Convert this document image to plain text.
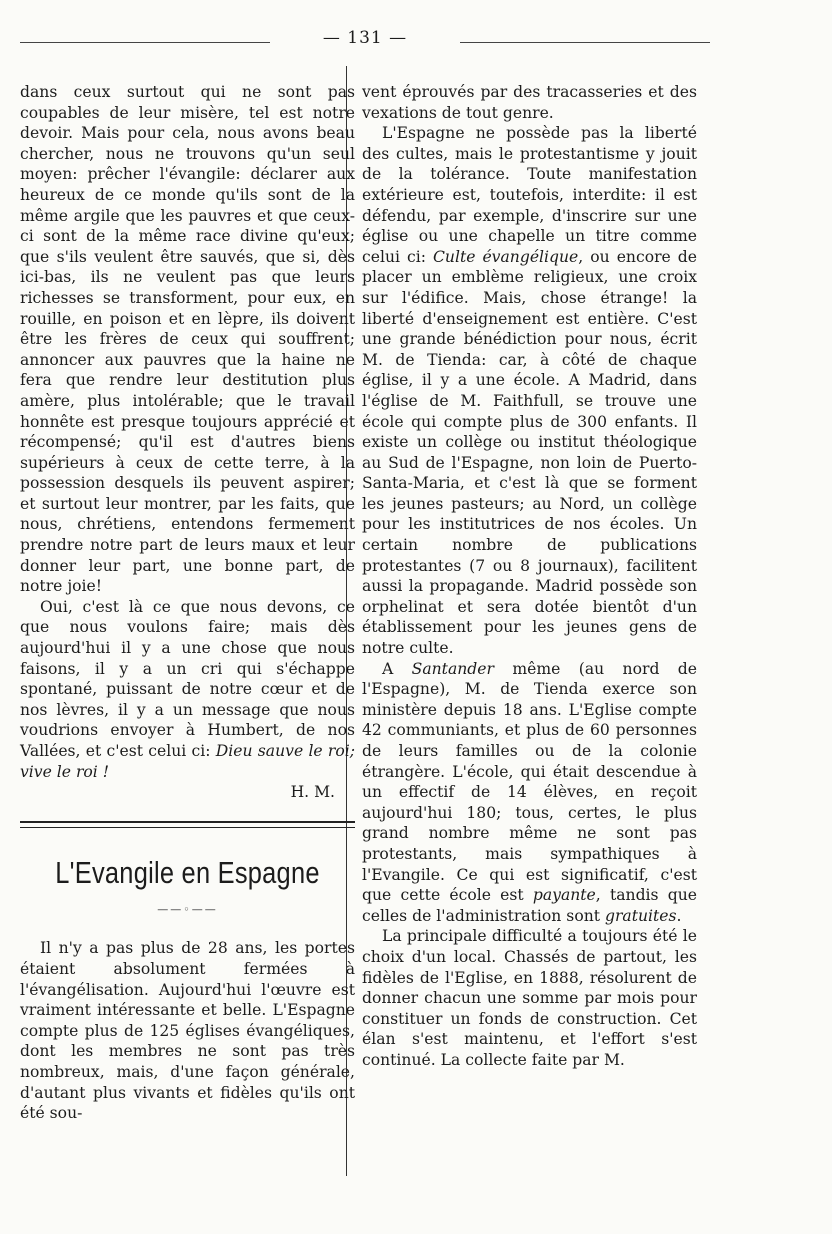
— 131 —

dans ceux surtout qui ne sont pas coupables de leur misère, tel est notre devoir. Mais pour cela, nous avons beau chercher, nous ne trouvons qu'un seul moyen: prêcher l'évangile: déclarer aux heureux de ce monde qu'ils sont de la même argile que les pauvres et que ceux-ci sont de la même race divine qu'eux; que s'ils veulent être sauvés, que si, dès ici-bas, ils ne veulent pas que leurs richesses se transforment, pour eux, en rouille, en poison et en lèpre, ils doivent être les frères de ceux qui souffrent; annoncer aux pauvres que la haine ne fera que rendre leur destitution plus amère, plus intolérable; que le travail honnête est presque toujours apprécié et récompensé; qu'il est d'autres biens supérieurs à ceux de cette terre, à la possession desquels ils peuvent aspirer; et surtout leur montrer, par les faits, que nous, chrétiens, entendons fermement prendre notre part de leurs maux et leur donner leur part, une bonne part, de notre joie!

Oui, c'est là ce que nous devons, ce que nous voulons faire; mais dès aujourd'hui il y a une chose que nous faisons, il y a un cri qui s'échappe spontané, puissant de notre cœur et de nos lèvres, il y a un message que nous voudrions envoyer à Humbert, de nos Vallées, et c'est celui ci: Dieu sauve le roi; vive le roi !

H. M.

L'Evangile en Espagne
——◦——

Il n'y a pas plus de 28 ans, les portes étaient absolument fermées à l'évangélisation. Aujourd'hui l'œuvre est vraiment intéressante et belle. L'Espagne compte plus de 125 églises évangéliques, dont les membres ne sont pas très nombreux, mais, d'une façon générale, d'autant plus vivants et fidèles qu'ils ont été sou-

vent éprouvés par des tracasseries et des vexations de tout genre.

L'Espagne ne possède pas la liberté des cultes, mais le protestantisme y jouit de la tolérance. Toute manifestation extérieure est, toutefois, interdite: il est défendu, par exemple, d'inscrire sur une église ou une chapelle un titre comme celui ci: Culte évangélique, ou encore de placer un emblème religieux, une croix sur l'édifice. Mais, chose étrange! la liberté d'enseignement est entière. C'est une grande bénédiction pour nous, écrit M. de Tienda: car, à côté de chaque église, il y a une école. A Madrid, dans l'église de M. Faithfull, se trouve une école qui compte plus de 300 enfants. Il existe un collège ou institut théologique au Sud de l'Espagne, non loin de Puerto-Santa-Maria, et c'est là que se forment les jeunes pasteurs; au Nord, un collège pour les institutrices de nos écoles. Un certain nombre de publications protestantes (7 ou 8 journaux), facilitent aussi la propagande. Madrid possède son orphelinat et sera dotée bientôt d'un établissement pour les jeunes gens de notre culte.

A Santander même (au nord de l'Espagne), M. de Tienda exerce son ministère depuis 18 ans. L'Eglise compte 42 communiants, et plus de 60 personnes de leurs familles ou de la colonie étrangère. L'école, qui était descendue à un effectif de 14 élèves, en reçoit aujourd'hui 180; tous, certes, le plus grand nombre même ne sont pas protestants, mais sympathiques à l'Evangile. Ce qui est significatif, c'est que cette école est payante, tandis que celles de l'administration sont gratuites.

La principale difficulté a toujours été le choix d'un local. Chassés de partout, les fidèles de l'Eglise, en 1888, résolurent de donner chacun une somme par mois pour constituer un fonds de construction. Cet élan s'est maintenu, et l'effort s'est continué. La collecte faite par M.
